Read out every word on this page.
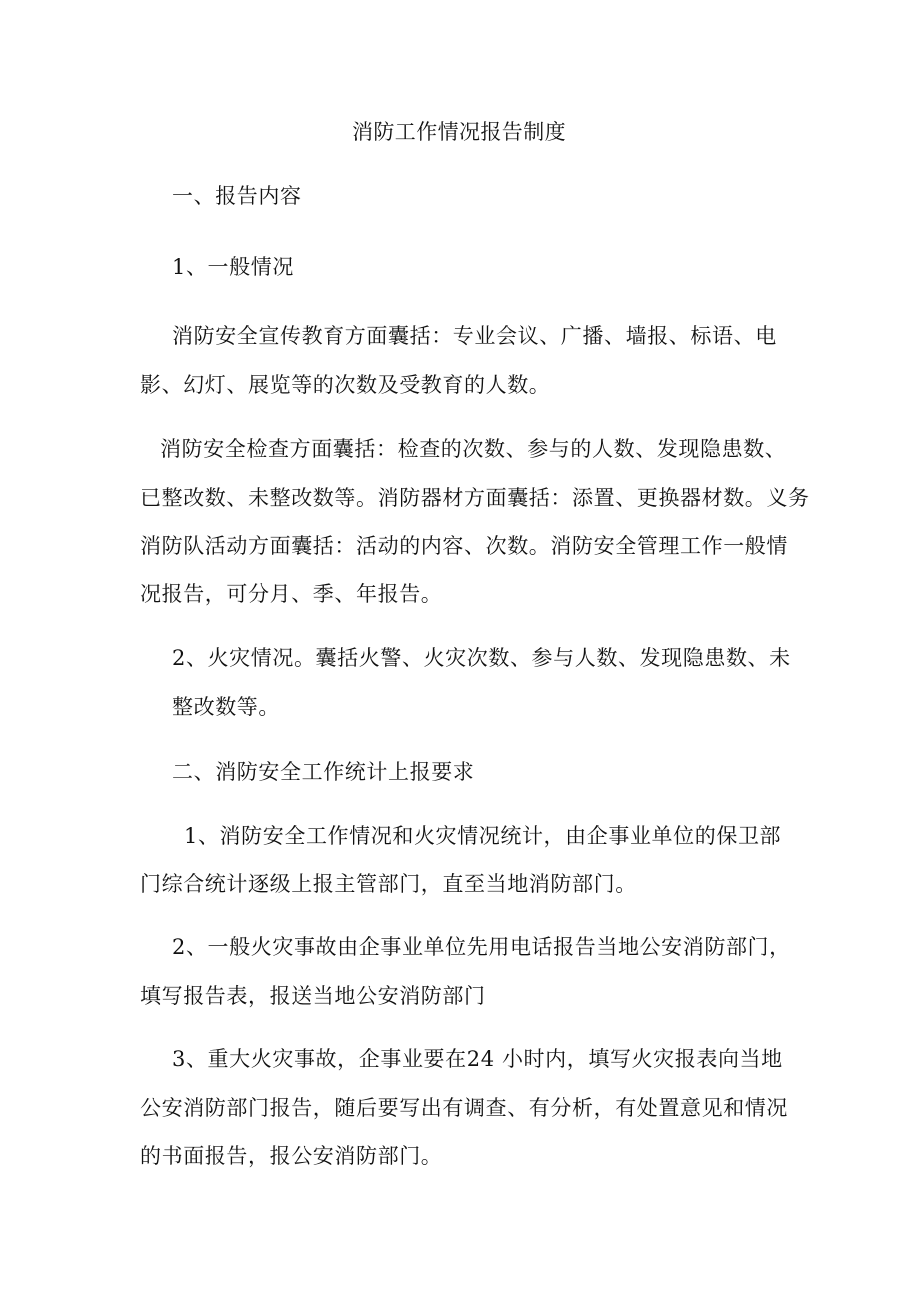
消防工作情况报告制度
一、报告内容
1、一般情况
消防安全宣传教育方面囊括：专业会议、广播、墙报、标语、电
影、幻灯、展览等的次数及受教育的人数。
消防安全检查方面囊括：检查的次数、参与的人数、发现隐患数、
已整改数、未整改数等。消防器材方面囊括：添置、更换器材数。义务
消防队活动方面囊括：活动的内容、次数。消防安全管理工作一般情
况报告，可分月、季、年报告。
2、火灾情况。囊括火警、火灾次数、参与人数、发现隐患数、未
整改数等。
二、消防安全工作统计上报要求
1、消防安全工作情况和火灾情况统计，由企事业单位的保卫部
门综合统计逐级上报主管部门，直至当地消防部门。
2、一般火灾事故由企事业单位先用电话报告当地公安消防部门，
填写报告表，报送当地公安消防部门
3、重大火灾事故，企事业要在24 小时内，填写火灾报表向当地
公安消防部门报告，随后要写出有调查、有分析，有处置意见和情况
的书面报告，报公安消防部门。
